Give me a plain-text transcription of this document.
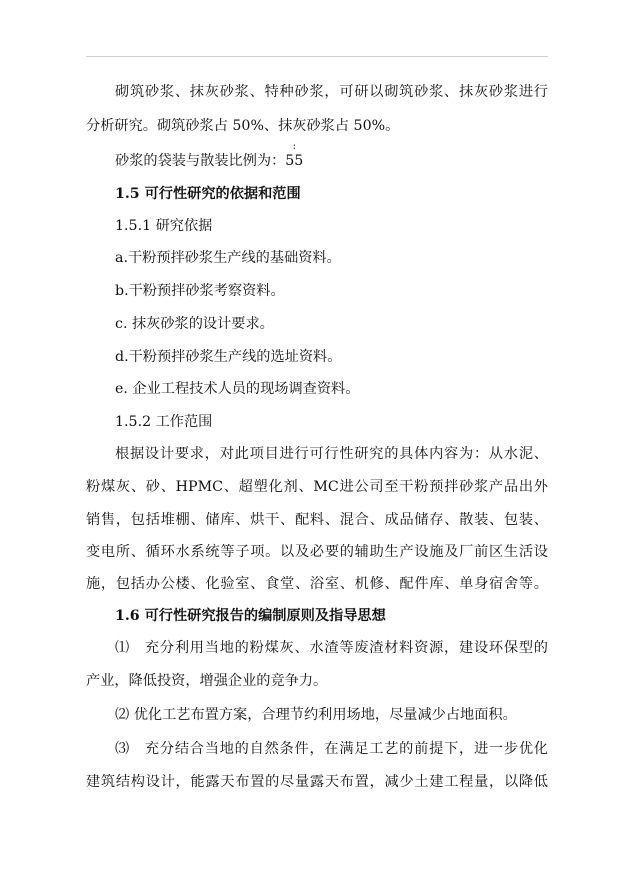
砌筑砂浆、抹灰砂浆、特种砂浆，可研以砌筑砂浆、抹灰砂浆进行
分析研究。砌筑砂浆占 50%、抹灰砂浆占 50%。
砂浆的袋装与散装比例为：5
:
5
1.5 可行性研究的依据和范围
1.5.1 研究依据
a.干粉预拌砂浆生产线的基础资料。
b.干粉预拌砂浆考察资料。
c. 抹灰砂浆的设计要求。
d.干粉预拌砂浆生产线的选址资料。
e. 企业工程技术人员的现场调查资料。
1.5.2 工作范围
根据设计要求，对此项目进行可行性研究的具体内容为：从水泥、
粉煤灰、砂、HPMC、超塑化剂、MC进公司至干粉预拌砂浆产品出外
销售，包括堆棚、储库、烘干、配料、混合、成品储存、散装、包装、
变电所、循环水系统等子项。以及必要的辅助生产设施及厂前区生活设
施，包括办公楼、化验室、食堂、浴室、机修、配件库、单身宿舍等。
1.6 可行性研究报告的编制原则及指导思想
⑴　充分利用当地的粉煤灰、水渣等废渣材料资源，建设环保型的
产业，降低投资，增强企业的竞争力。
⑵ 优化工艺布置方案，合理节约利用场地，尽量减少占地面积。
⑶　充分结合当地的自然条件，在满足工艺的前提下，进一步优化
建筑结构设计，能露天布置的尽量露天布置，减少土建工程量，以降低
